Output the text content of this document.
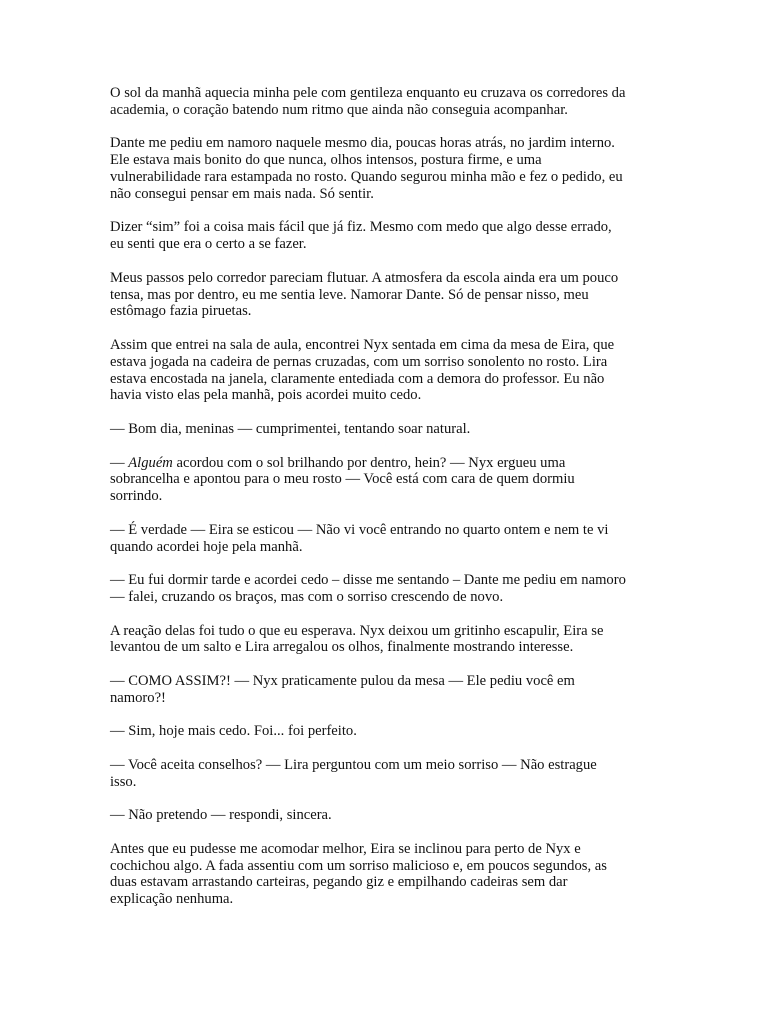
O sol da manhã aquecia minha pele com gentileza enquanto eu cruzava os corredores da
academia, o coração batendo num ritmo que ainda não conseguia acompanhar.

Dante me pediu em namoro naquele mesmo dia, poucas horas atrás, no jardim interno.
Ele estava mais bonito do que nunca, olhos intensos, postura firme, e uma
vulnerabilidade rara estampada no rosto. Quando segurou minha mão e fez o pedido, eu
não consegui pensar em mais nada. Só sentir.

Dizer “sim” foi a coisa mais fácil que já fiz. Mesmo com medo que algo desse errado,
eu senti que era o certo a se fazer.

Meus passos pelo corredor pareciam flutuar. A atmosfera da escola ainda era um pouco
tensa, mas por dentro, eu me sentia leve. Namorar Dante. Só de pensar nisso, meu
estômago fazia piruetas.

Assim que entrei na sala de aula, encontrei Nyx sentada em cima da mesa de Eira, que
estava jogada na cadeira de pernas cruzadas, com um sorriso sonolento no rosto. Lira
estava encostada na janela, claramente entediada com a demora do professor. Eu não
havia visto elas pela manhã, pois acordei muito cedo.

— Bom dia, meninas — cumprimentei, tentando soar natural.

— Alguém acordou com o sol brilhando por dentro, hein? — Nyx ergueu uma
sobrancelha e apontou para o meu rosto — Você está com cara de quem dormiu
sorrindo.

— É verdade — Eira se esticou — Não vi você entrando no quarto ontem e nem te vi
quando acordei hoje pela manhã.

— Eu fui dormir tarde e acordei cedo – disse me sentando – Dante me pediu em namoro
— falei, cruzando os braços, mas com o sorriso crescendo de novo.

A reação delas foi tudo o que eu esperava. Nyx deixou um gritinho escapulir, Eira se
levantou de um salto e Lira arregalou os olhos, finalmente mostrando interesse.

— COMO ASSIM?! — Nyx praticamente pulou da mesa — Ele pediu você em
namoro?!

— Sim, hoje mais cedo. Foi... foi perfeito.

— Você aceita conselhos? — Lira perguntou com um meio sorriso — Não estrague
isso.

— Não pretendo — respondi, sincera.

Antes que eu pudesse me acomodar melhor, Eira se inclinou para perto de Nyx e
cochichou algo. A fada assentiu com um sorriso malicioso e, em poucos segundos, as
duas estavam arrastando carteiras, pegando giz e empilhando cadeiras sem dar
explicação nenhuma.
